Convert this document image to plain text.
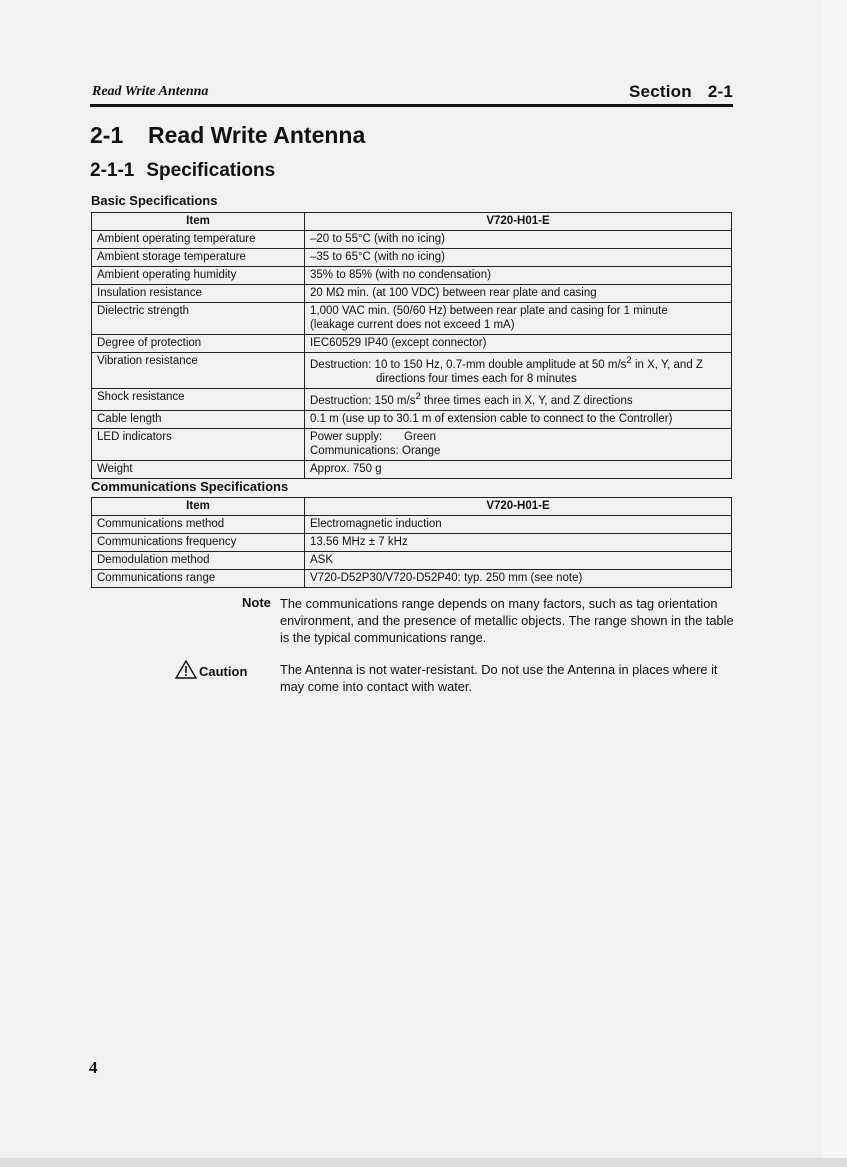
Read Write Antenna	Section 2-1
2-1 Read Write Antenna
2-1-1 Specifications
Basic Specifications
Item	V720-H01-E
Ambient operating temperature	–20 to 55°C (with no icing)
Ambient storage temperature	–35 to 65°C (with no icing)
Ambient operating humidity	35% to 85% (with no condensation)
Insulation resistance	20 MΩ min. (at 100 VDC) between rear plate and casing
Dielectric strength	1,000 VAC min. (50/60 Hz) between rear plate and casing for 1 minute
(leakage current does not exceed 1 mA)

Degree of protection	IEC60529 IP40 (except connector)
Vibration resistance	Destruction: 10 to 150 Hz, 0.7-mm double amplitude at 50 $m/s^2$ in X, Y, and Z
directions four times each for 8 minutes

Shock resistance	Destruction: 150 $m/s^2$ three times each in X, Y, and Z directions
Cable length	0.1 m (use up to 30.1 m of extension cable to connect to the Controller)
LED indicators	Power supply: Green
Communications: Orange

Weight	Approx. 750 g
Communications Specifications
Item	V720-H01-E
Communications method	Electromagnetic induction
Communications frequency	13.56 MHz ± 7 kHz
Demodulation method	ASK
Communications range	V720-D52P30/V720-D52P40: typ. 250 mm (see note)
Note The communications range depends on many factors, such as tag orientation environment, and the presence of metallic objects. The range shown in the table is the typical communications range.
Caution	The Antenna is not water-resistant. Do not use the Antenna in places where it may come into contact with water.
4
